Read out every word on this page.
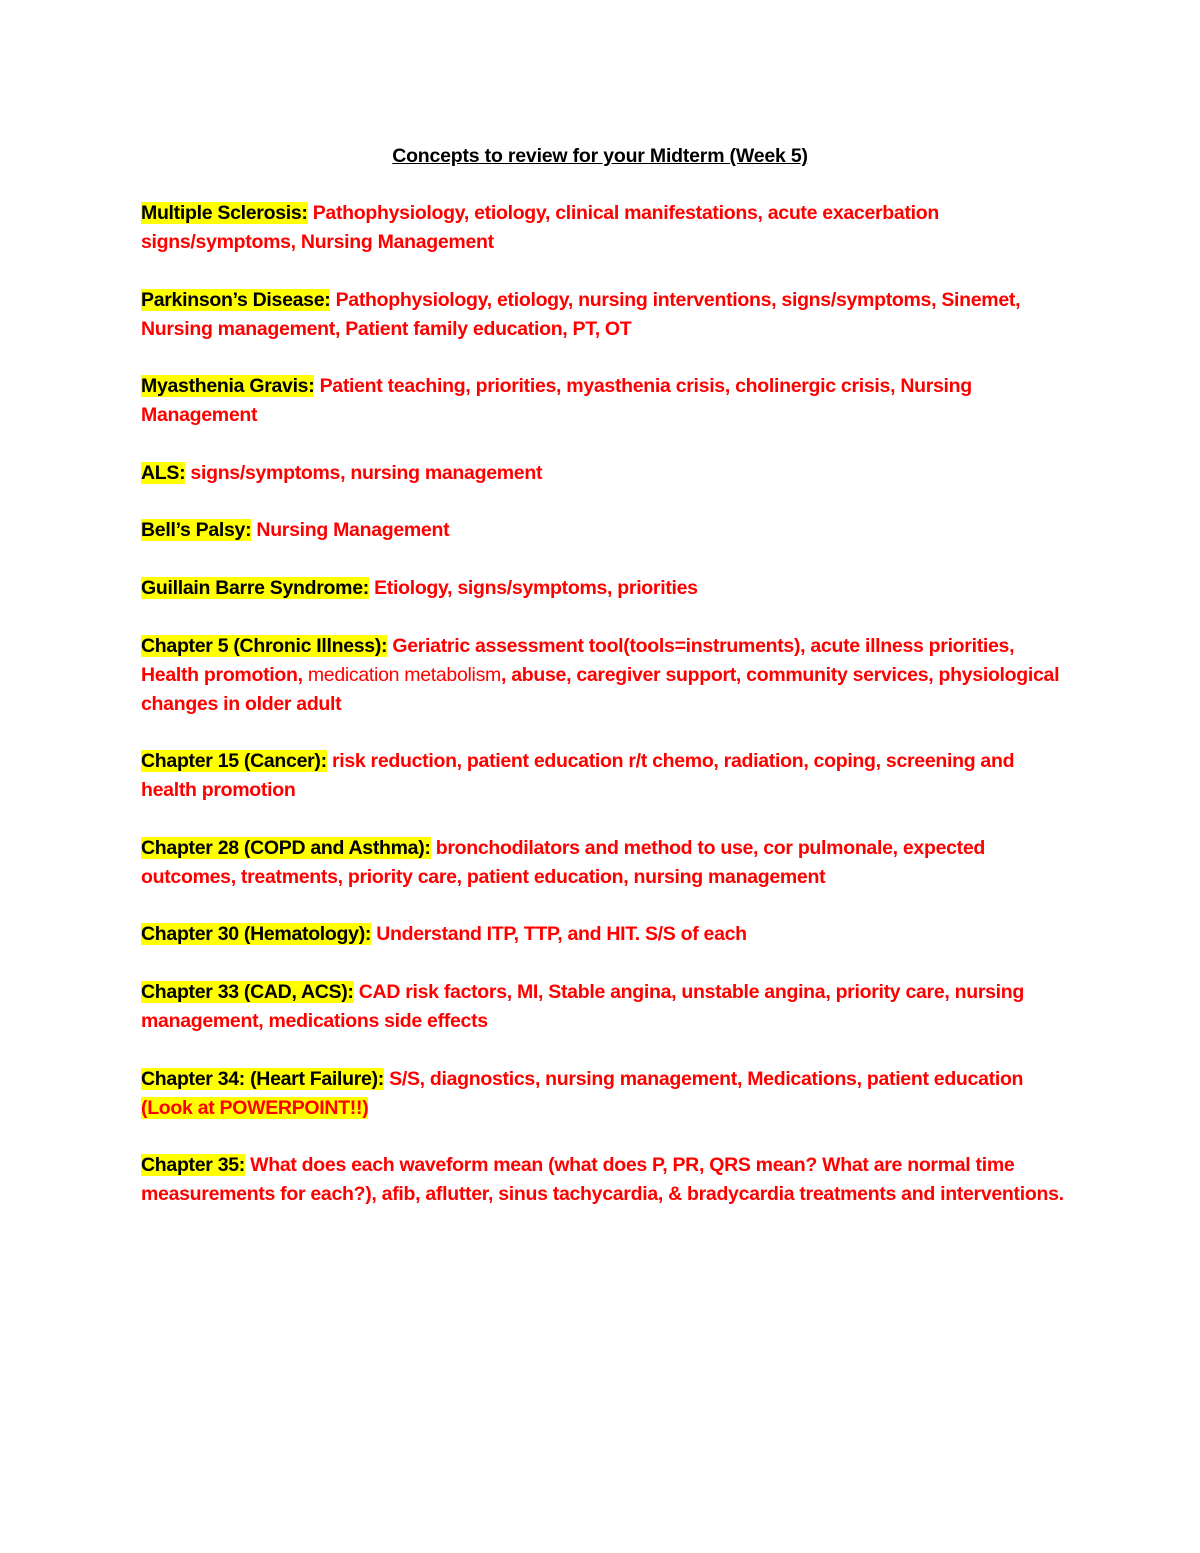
Concepts to review for your Midterm (Week 5)

Multiple Sclerosis: Pathophysiology, etiology, clinical manifestations, acute exacerbation signs/symptoms, Nursing Management

Parkinson’s Disease: Pathophysiology, etiology, nursing interventions, signs/symptoms, Sinemet, Nursing management, Patient family education, PT, OT

Myasthenia Gravis: Patient teaching, priorities, myasthenia crisis, cholinergic crisis, Nursing Management

ALS: signs/symptoms, nursing management

Bell’s Palsy: Nursing Management

Guillain Barre Syndrome: Etiology, signs/symptoms, priorities

Chapter 5 (Chronic Illness): Geriatric assessment tool(tools=instruments), acute illness priorities, Health promotion, medication metabolism, abuse, caregiver support, community services, physiological changes in older adult

Chapter 15 (Cancer): risk reduction, patient education r/t chemo, radiation, coping, screening and health promotion

Chapter 28 (COPD and Asthma): bronchodilators and method to use, cor pulmonale, expected outcomes, treatments, priority care, patient education, nursing management

Chapter 30 (Hematology): Understand ITP, TTP, and HIT. S/S of each

Chapter 33 (CAD, ACS): CAD risk factors, MI, Stable angina, unstable angina, priority care, nursing management, medications side effects

Chapter 34: (Heart Failure): S/S, diagnostics, nursing management, Medications, patient education (Look at POWERPOINT!!)

Chapter 35: What does each waveform mean (what does P, PR, QRS mean? What are normal time measurements for each?), afib, aflutter, sinus tachycardia, & bradycardia treatments and interventions.
